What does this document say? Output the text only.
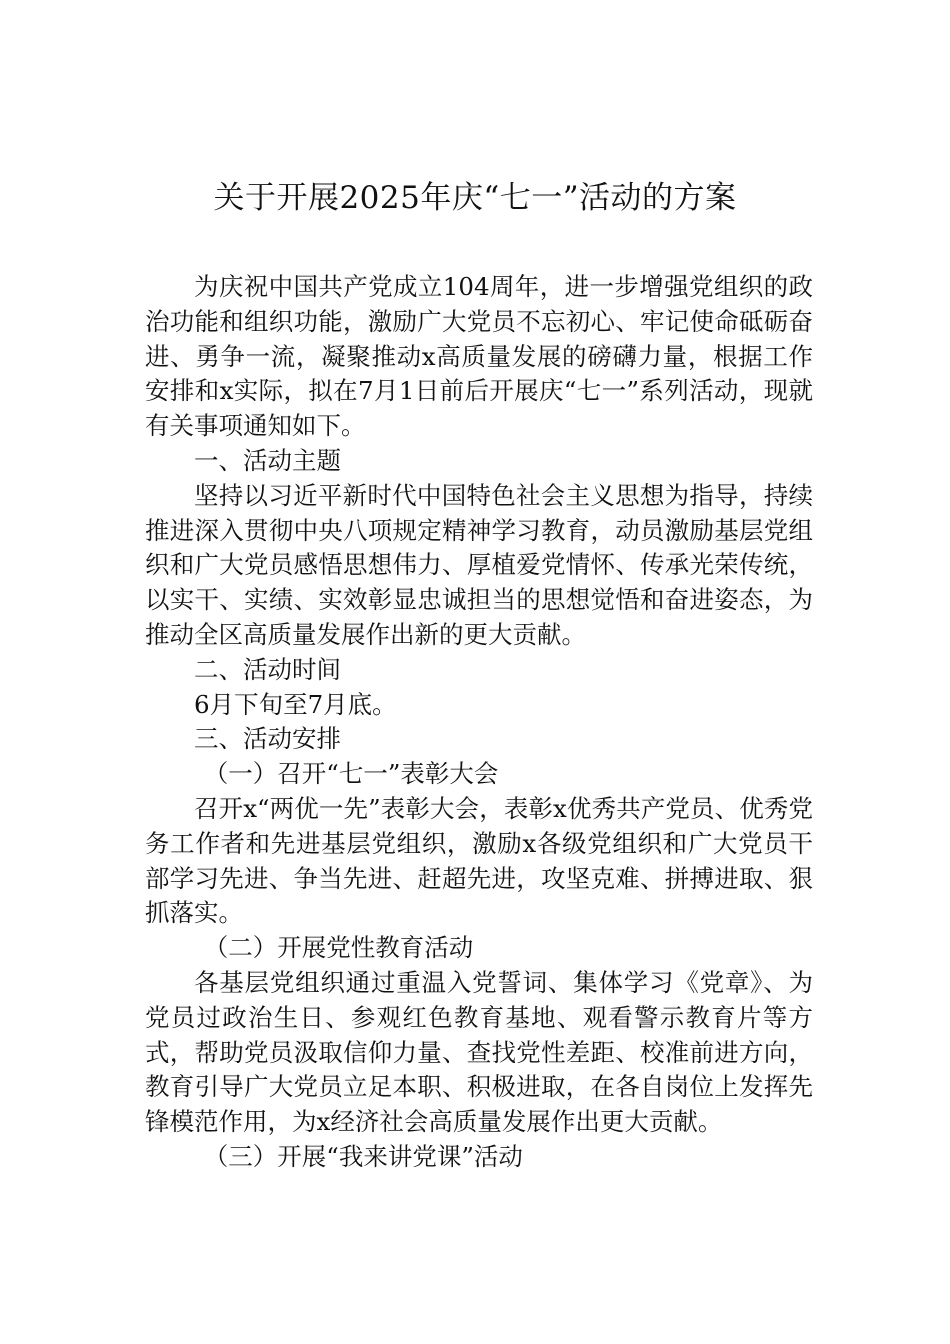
关于开展2025年庆“七一”活动的方案

为庆祝中国共产党成立104周年，进一步增强党组织的政治功能和组织功能，激励广大党员不忘初心、牢记使命砥砺奋进、勇争一流，凝聚推动x高质量发展的磅礴力量，根据工作安排和x实际，拟在7月1日前后开展庆“七一”系列活动，现就有关事项通知如下。

一、活动主题

坚持以习近平新时代中国特色社会主义思想为指导，持续推进深入贯彻中央八项规定精神学习教育，动员激励基层党组织和广大党员感悟思想伟力、厚植爱党情怀、传承光荣传统，以实干、实绩、实效彰显忠诚担当的思想觉悟和奋进姿态，为推动全区高质量发展作出新的更大贡献。

二、活动时间

6月下旬至7月底。

三、活动安排

（一）召开“七一”表彰大会

召开x“两优一先”表彰大会，表彰x优秀共产党员、优秀党务工作者和先进基层党组织，激励x各级党组织和广大党员干部学习先进、争当先进、赶超先进，攻坚克难、拼搏进取、狠抓落实。

（二）开展党性教育活动

各基层党组织通过重温入党誓词、集体学习《党章》、为党员过政治生日、参观红色教育基地、观看警示教育片等方式，帮助党员汲取信仰力量、查找党性差距、校准前进方向，教育引导广大党员立足本职、积极进取，在各自岗位上发挥先锋模范作用，为x经济社会高质量发展作出更大贡献。

（三）开展“我来讲党课”活动
